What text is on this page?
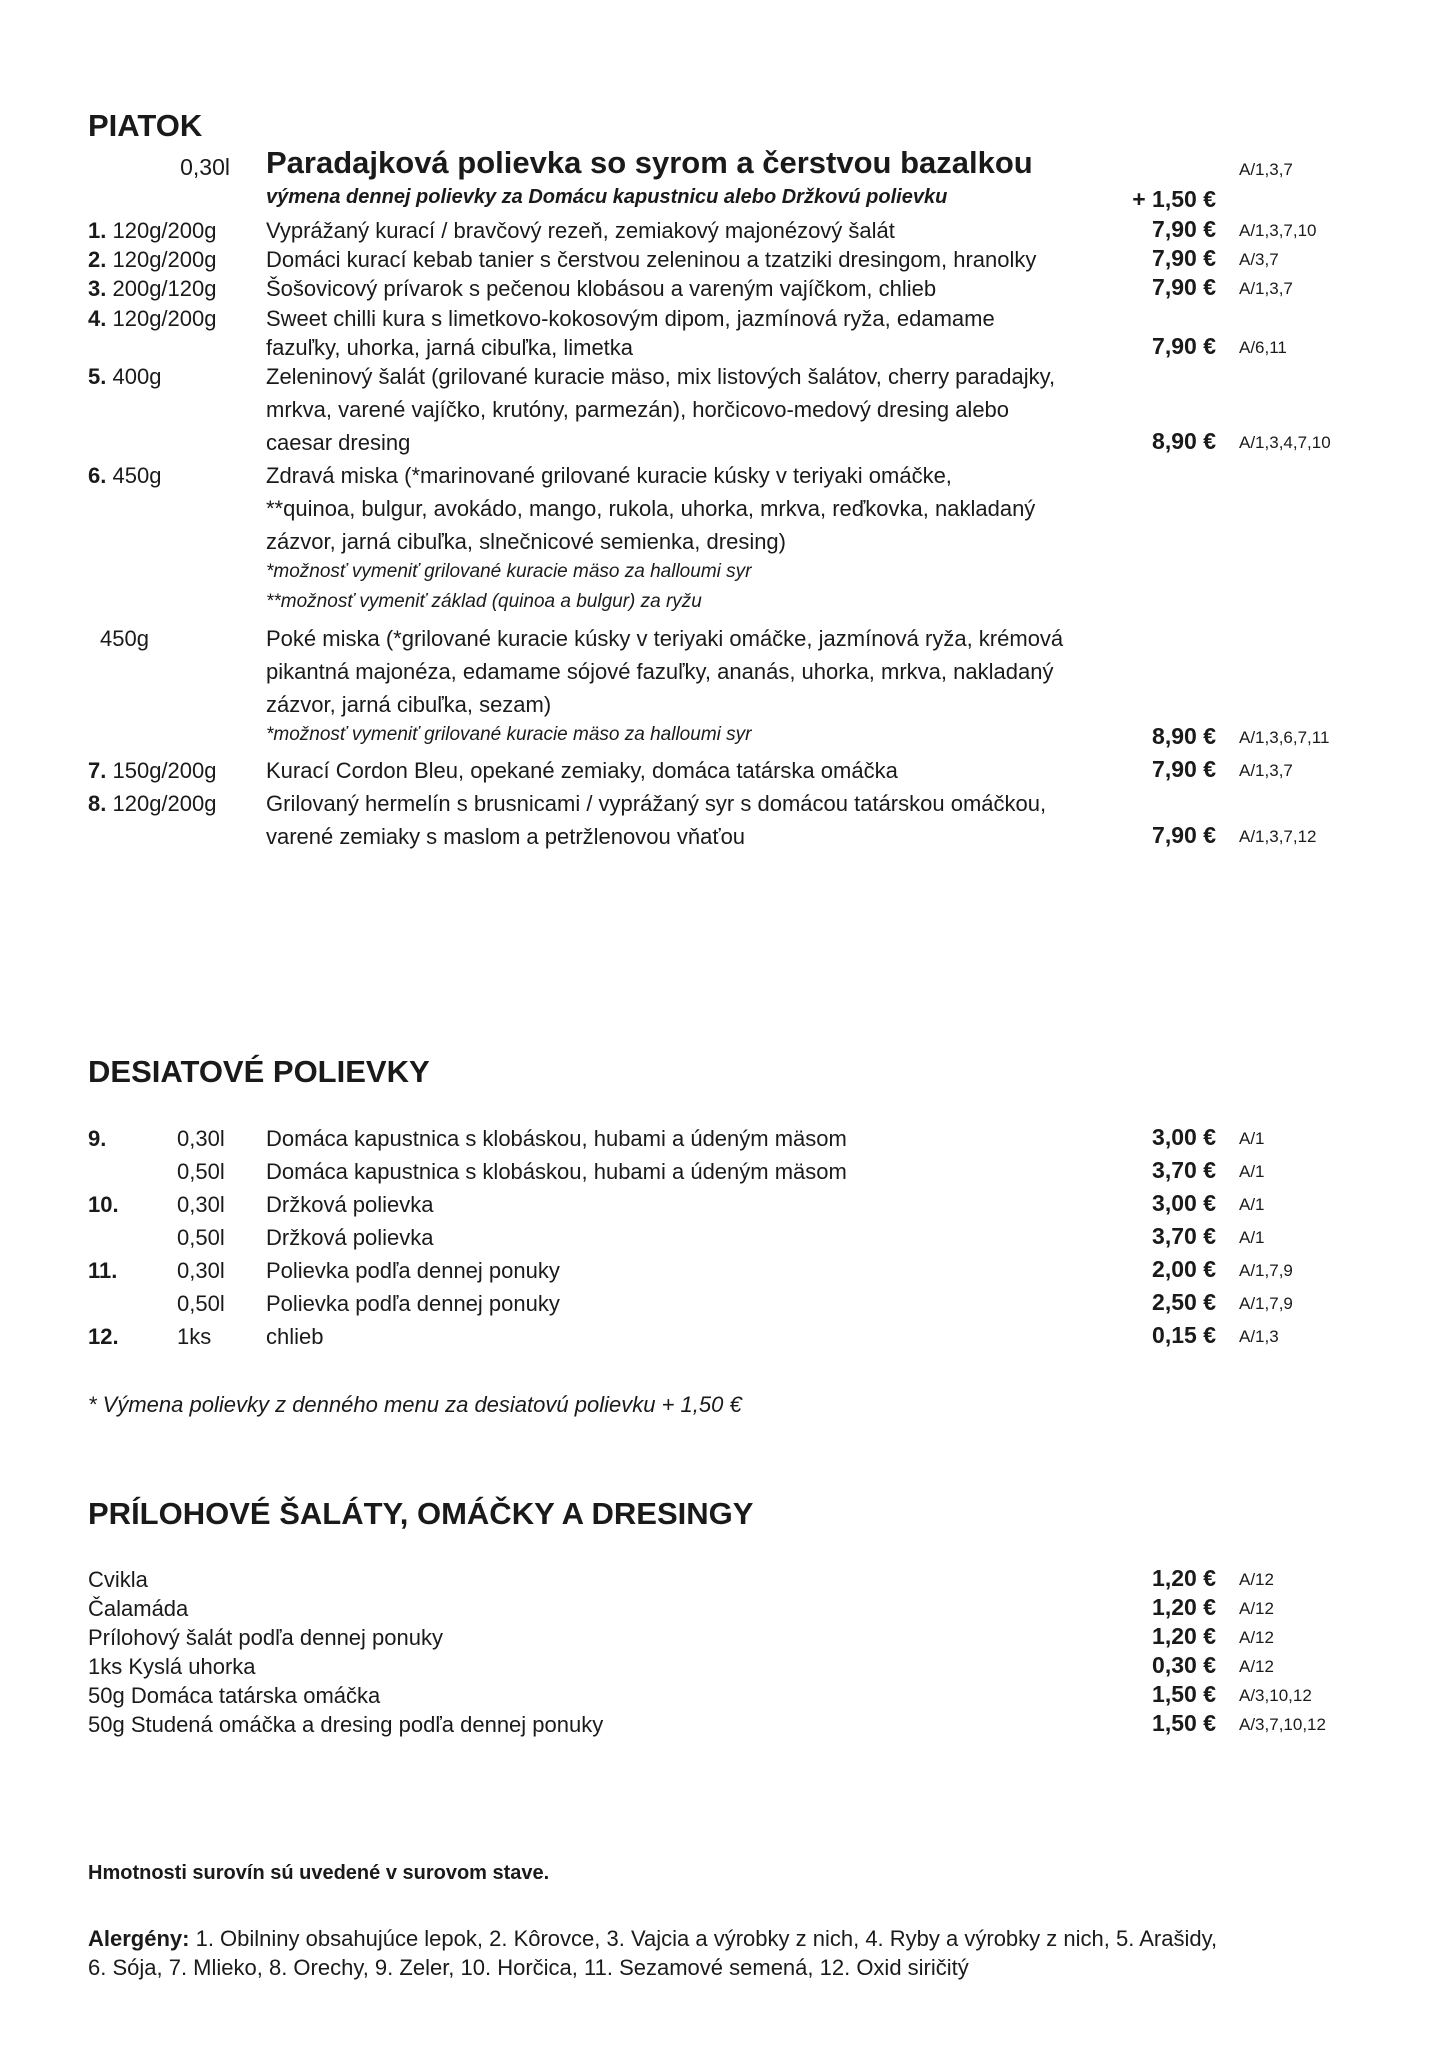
PIATOK
0,30l Paradajková polievka so syrom a čerstvou bazalkou	A/1,3,7
výmena dennej polievky za Domácu kapustnicu alebo Držkovú polievku	+ 1,50 €
1. 120g/200g Vyprážaný kurací / bravčový rezeň, zemiakový majonézový šalát	7,90 € A/1,3,7,10
2. 120g/200g Domáci kurací kebab tanier s čerstvou zeleninou a tzatziki dresingom, hranolky	7,90 € A/3,7
3. 200g/120g Šošovicový prívarok s pečenou klobásou a vareným vajíčkom, chlieb	7,90 € A/1,3,7
4. 120g/200g Sweet chilli kura s limetkovo-kokosovým dipom, jazmínová ryža, edamame
fazuľky, uhorka, jarná cibuľka, limetka	7,90 € A/6,11
5. 400g	Zeleninový šalát (grilované kuracie mäso, mix listových šalátov, cherry paradajky,
mrkva, varené vajíčko, krutóny, parmezán), horčicovo-medový dresing alebo
caesar dresing	8,90 € A/1,3,4,7,10
6. 450g	Zdravá miska (*marinované grilované kuracie kúsky v teriyaki omáčke,
**quinoa, bulgur, avokádo, mango, rukola, uhorka, mrkva, reďkovka, nakladaný
zázvor, jarná cibuľka, slnečnicové semienka, dresing)
*možnosť vymeniť grilované kuracie mäso za halloumi syr
**možnosť vymeniť základ (quinoa a bulgur) za ryžu
450g	Poké miska (*grilované kuracie kúsky v teriyaki omáčke, jazmínová ryža, krémová
pikantná majonéza, edamame sójové fazuľky, ananás, uhorka, mrkva, nakladaný
zázvor, jarná cibuľka, sezam)
*možnosť vymeniť grilované kuracie mäso za halloumi syr	8,90 € A/1,3,6,7,11
7. 150g/200g Kurací Cordon Bleu, opekané zemiaky, domáca tatárska omáčka	7,90 € A/1,3,7
8. 120g/200g Grilovaný hermelín s brusnicami / vyprážaný syr s domácou tatárskou omáčkou,
varené zemiaky s maslom a petržlenovou vňaťou	7,90 € A/1,3,7,12
DESIATOVÉ POLIEVKY
9.	0,30l Domáca kapustnica s klobáskou, hubami a údeným mäsom	3,00 € A/1
0,50l Domáca kapustnica s klobáskou, hubami a údeným mäsom	3,70 € A/1
10.	0,30l Držková polievka	3,00 € A/1
0,50l Držková polievka	3,70 € A/1
11.	0,30l Polievka podľa dennej ponuky	2,00 € A/1,7,9
0,50l Polievka podľa dennej ponuky	2,50 € A/1,7,9
12.	1ks chlieb	0,15 € A/1,3
* Výmena polievky z denného menu za desiatovú polievku + 1,50 €
PRÍLOHOVÉ ŠALÁTY, OMÁČKY A DRESINGY
Cvikla	1,20 € A/12
Čalamáda	1,20 € A/12
Prílohový šalát podľa dennej ponuky	1,20 € A/12
1ks Kyslá uhorka	0,30 € A/12
50g Domáca tatárska omáčka	1,50 € A/3,10,12
50g Studená omáčka a dresing podľa dennej ponuky	1,50 € A/3,7,10,12
Hmotnosti surovín sú uvedené v surovom stave.
Alergény: 1. Obilniny obsahujúce lepok, 2. Kôrovce, 3. Vajcia a výrobky z nich, 4. Ryby a výrobky z nich, 5. Arašidy,
6. Sója, 7. Mlieko, 8. Orechy, 9. Zeler, 10. Horčica, 11. Sezamové semená, 12. Oxid siričitý
